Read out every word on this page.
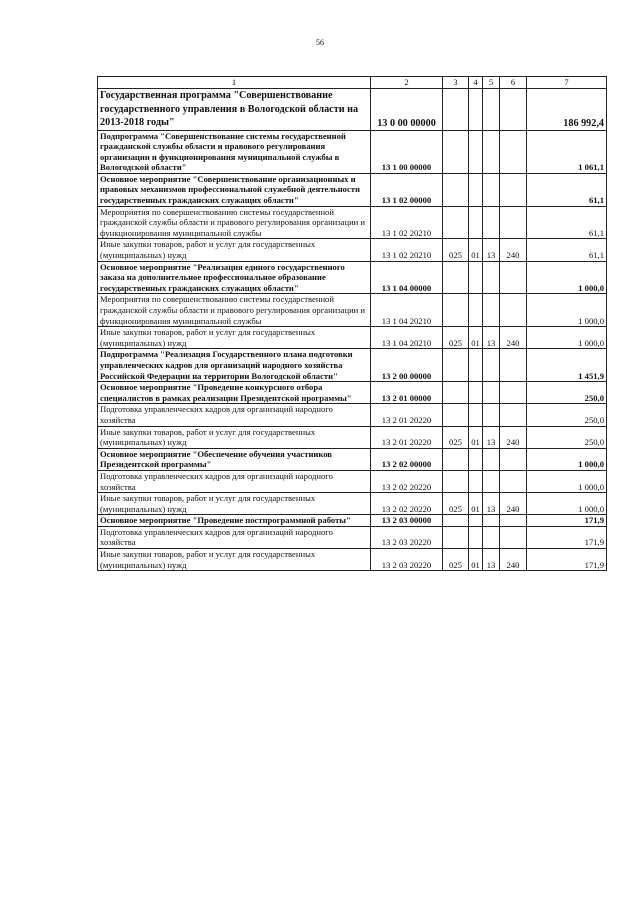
56
1	2	3	4	5	6	7
Государственная программа "Совершенствование государственного управления в Вологодской области на 2013-2018 годы"	13 0 00 00000					186 992,4
Подпрограмма "Совершенствование системы государственной гражданской службы области и правового регулирования организации и функционирования муниципальной службы в Вологодской области"	13 1 00 00000					1 061,1
Основное мероприятие "Совершенствование организационных и правовых механизмов профессиональной служебной деятельности государственных гражданских служащих области"	13 1 02 00000					61,1
Мероприятия по совершенствованию системы государственной гражданской службы области и правового регулирования организации и функционирования муниципальной службы	13 1 02 20210					61,1
Иные закупки товаров, работ и услуг для государственных (муниципальных) нужд	13 1 02 20210	025	01	13	240	61,1
Основное мероприятие "Реализация единого государственного заказа на дополнительное профессиональное образование государственных гражданских служащих области"	13 1 04 00000					1 000,0
Мероприятия по совершенствованию системы государственной гражданской службы области и правового регулирования организации и функционирования муниципальной службы	13 1 04 20210					1 000,0
Иные закупки товаров, работ и услуг для государственных (муниципальных) нужд	13 1 04 20210	025	01	13	240	1 000,0
Подпрограмма "Реализация Государственного плана подготовки управленческих кадров для организаций народного хозяйства Российской Федерации на территории Вологодской области"	13 2 00 00000					1 451,9
Основное мероприятие "Проведение конкурсного отбора специалистов в рамках реализации Президентской программы"	13 2 01 00000					250,0
Подготовка управленческих кадров для организаций народного хозяйства	13 2 01 20220					250,0
Иные закупки товаров, работ и услуг для государственных (муниципальных) нужд	13 2 01 20220	025	01	13	240	250,0
Основное мероприятие "Обеспечение обучения участников Президентской программы"	13 2 02 00000					1 000,0
Подготовка управленческих кадров для организаций народного хозяйства	13 2 02 20220					1 000,0
Иные закупки товаров, работ и услуг для государственных (муниципальных) нужд	13 2 02 20220	025	01	13	240	1 000,0
Основное мероприятие "Проведение постпрограммной работы"	13 2 03 00000					171,9
Подготовка управленческих кадров для организаций народного хозяйства	13 2 03 20220					171,9
Иные закупки товаров, работ и услуг для государственных (муниципальных) нужд	13 2 03 20220	025	01	13	240	171,9
